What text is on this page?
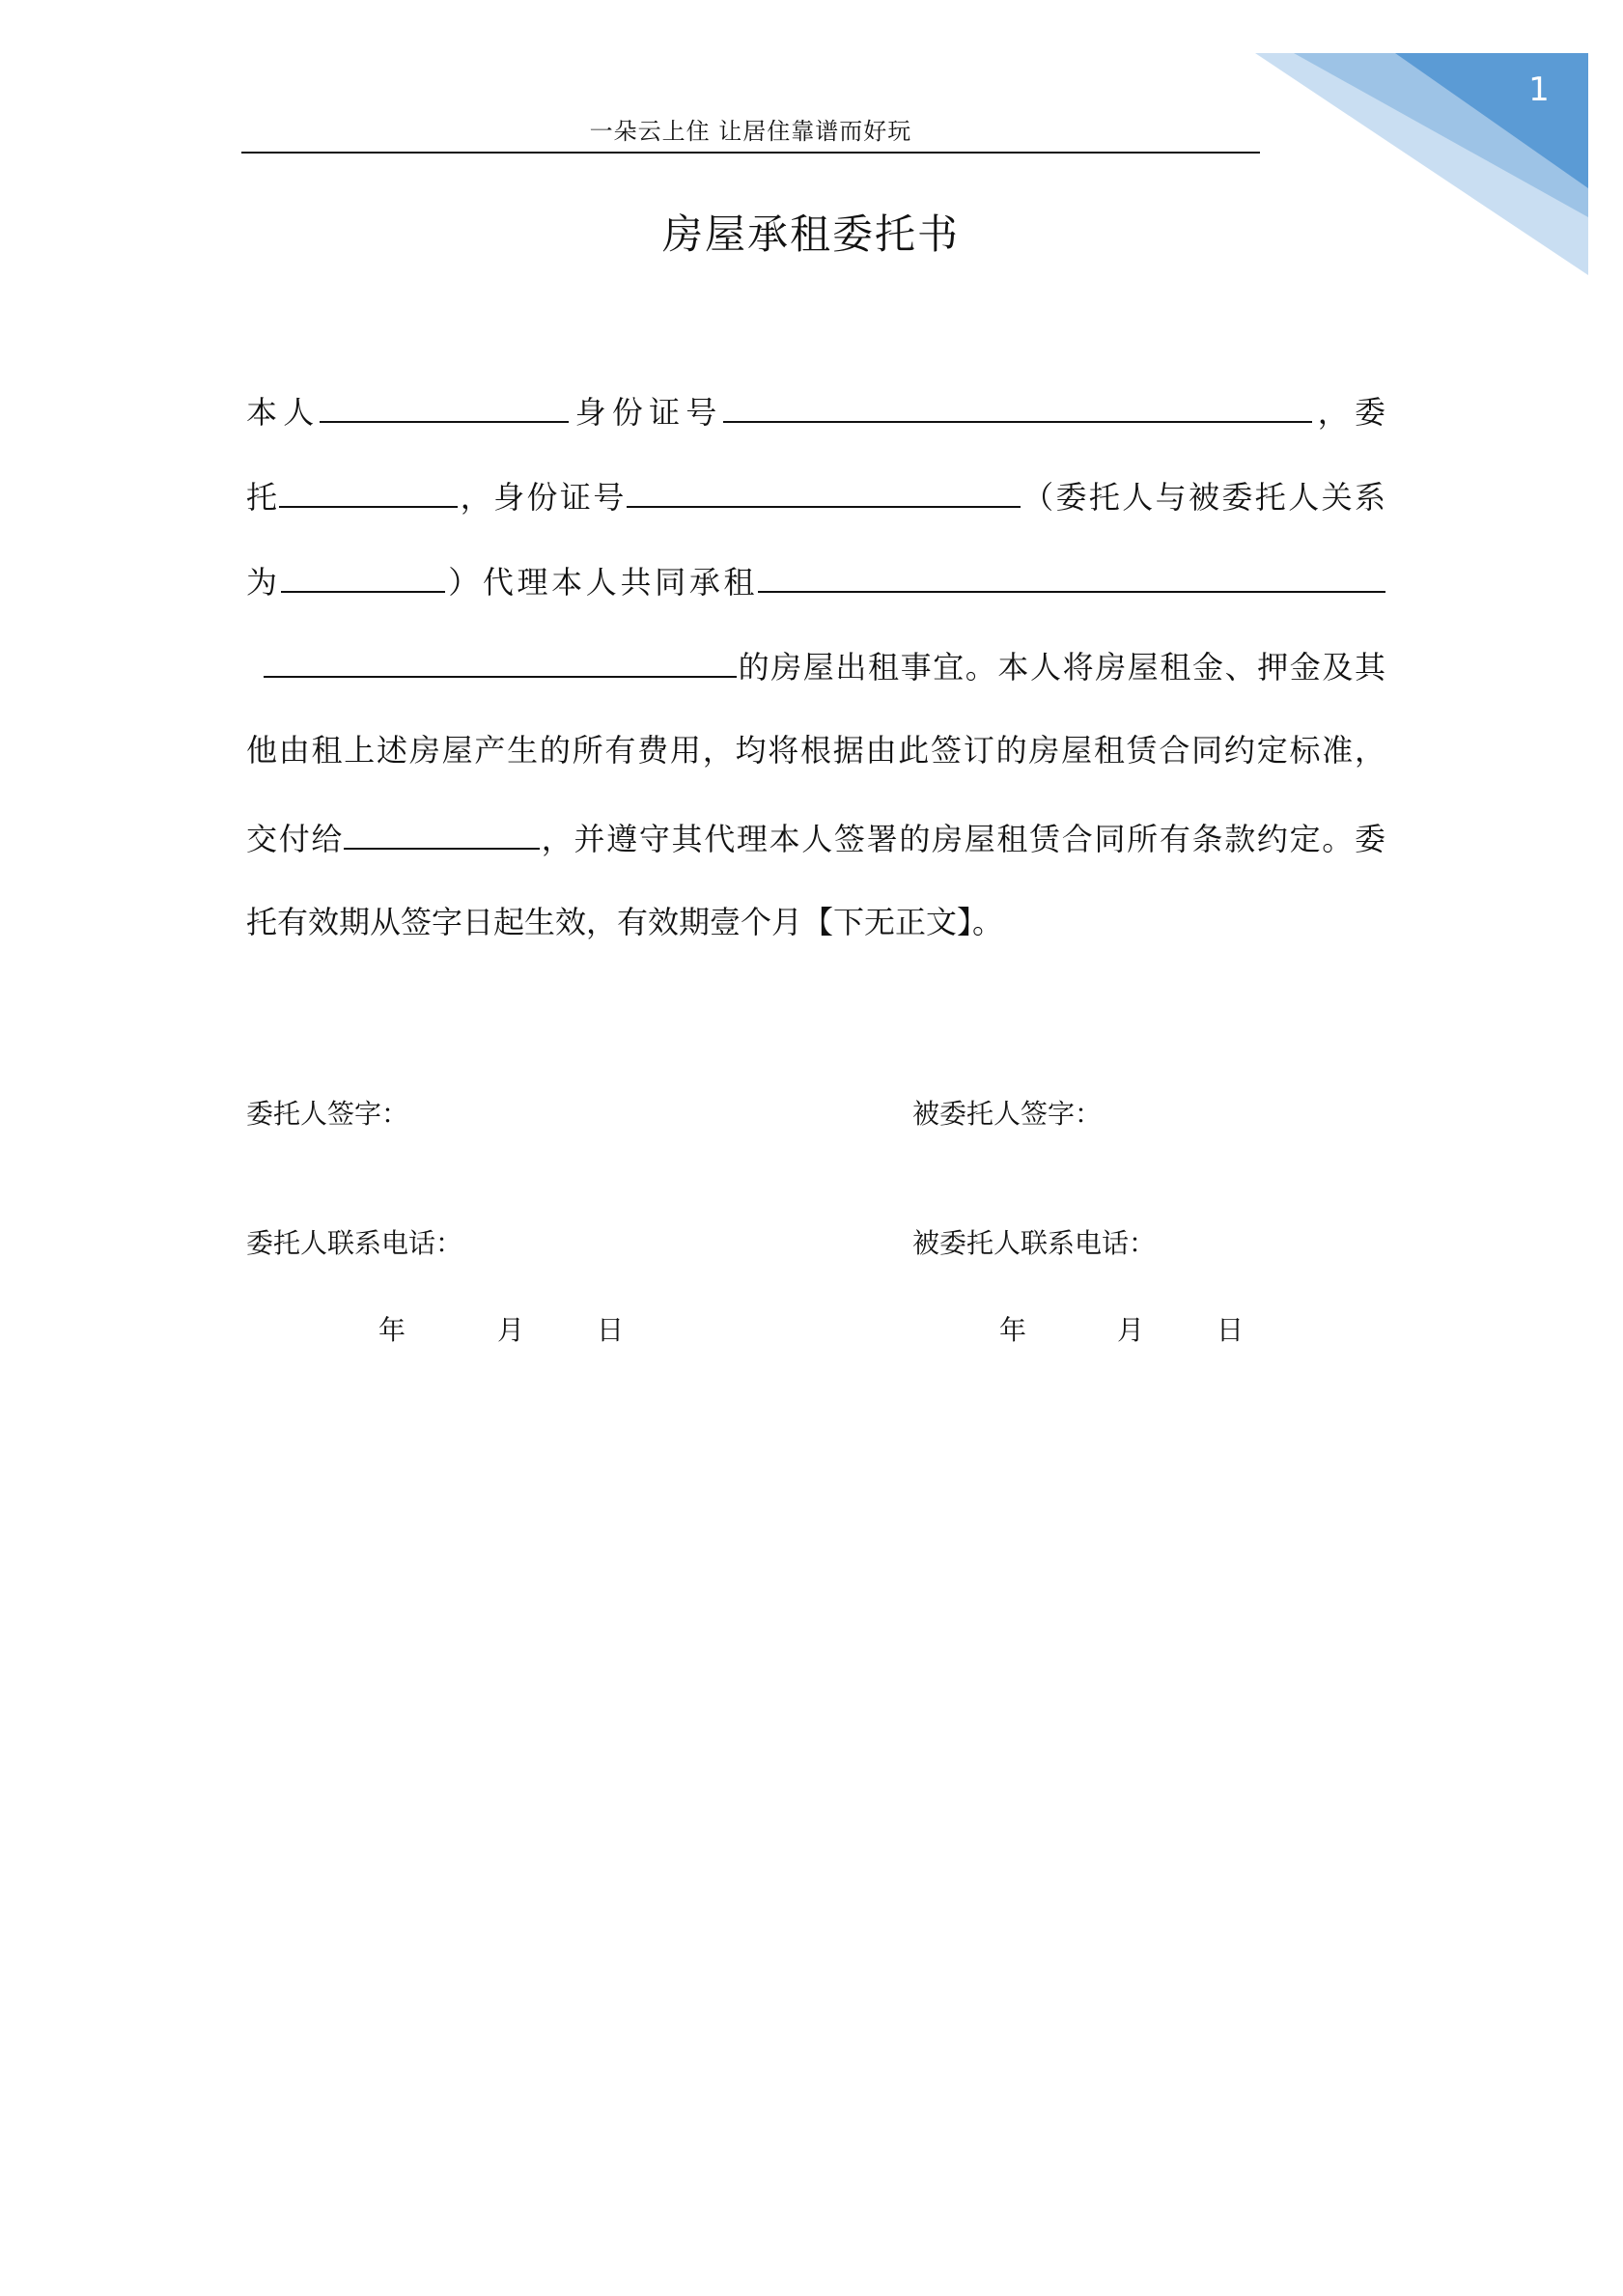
1
一朵云上住 让居住靠谱而好玩
房屋承租委托书
本人	身份证号	，委
托	，身份证号	（委托人与被委托人关系
为	）代理本人共同承租
的房屋出租事宜。本人将房屋租金、押金及其
他由租上述房屋产生的所有费用，均将根据由此签订的房屋租赁合同约定标准，
交付给	，并遵守其代理本人签署的房屋租赁合同所有条款约定。委
托有效期从签字日起生效，有效期壹个月【下无正文】。
委托人签字：	被委托人签字：
委托人联系电话：	被委托人联系电话：
年	月	日	年	月	日
